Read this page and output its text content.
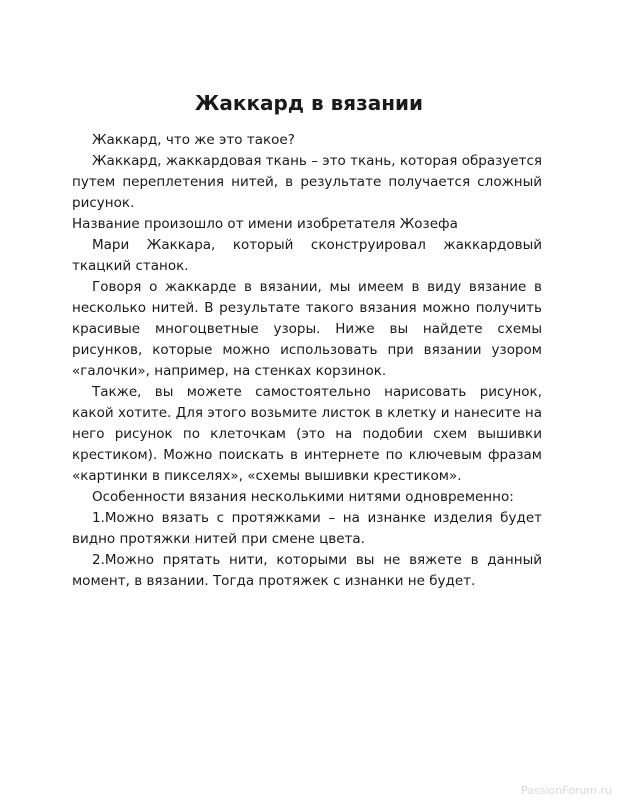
Жаккард в вязании

Жаккард, что же это такое?

Жаккард, жаккардовая ткань – это ткань, которая образуется путем переплетения нитей, в результате получается сложный рисунок.

Название произошло от имени изобретателя Жозефа

Мари Жаккара, который сконструировал жаккардовый ткацкий станок.

Говоря о жаккарде в вязании, мы имеем в виду вязание в несколько нитей. В результате такого вязания можно получить красивые многоцветные узоры. Ниже вы найдете схемы рисунков, которые можно использовать при вязании узором «галочки», например, на стенках корзинок.

Также, вы можете самостоятельно нарисовать рисунок, какой хотите. Для этого возьмите листок в клетку и нанесите на него рисунок по клеточкам (это на подобии схем вышивки крестиком). Можно поискать в интернете по ключевым фразам «картинки в пикселях», «схемы вышивки крестиком».

Особенности вязания несколькими нитями одновременно:

1.Можно вязать с протяжками – на изнанке изделия будет видно протяжки нитей при смене цвета.

2.Можно прятать нити, которыми вы не вяжете в данный момент, в вязании. Тогда протяжек с изнанки не будет.

PassionForum.ru
